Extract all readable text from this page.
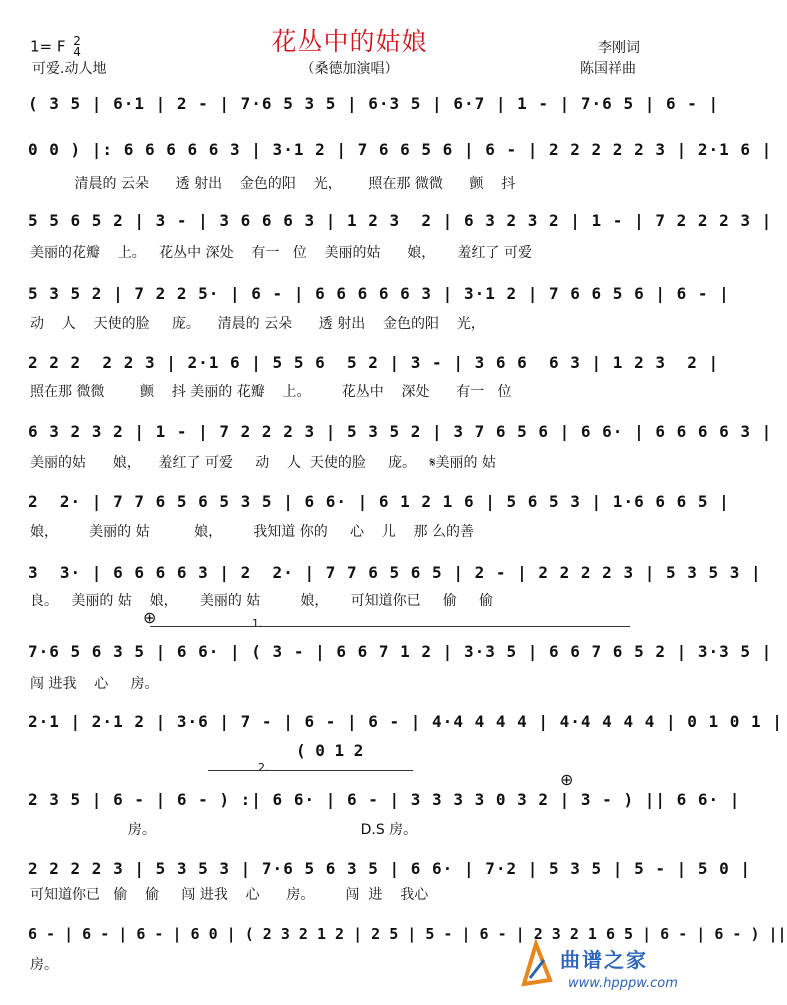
1= F 2
4	花丛中的姑娘
（桑德加演唱）
可爱.动人地
李刚词
陈国祥曲
( 3 5 | 6·1 | 2 - | 7·6 5 3 5 | 6·3 5 | 6·7 | 1 - | 7·6 5 | 6 - |
0 0 ) |: 6 6 6 6 6 3 | 3·1 2 | 7 6 6 5 6 | 6 - | 2 2 2 2 2 3 | 2·1 6 |
清晨的 云朵      透 射出    金色的阳    光，      照在那 微微      颤    抖
5 5 6 5 2 | 3 - | 3 6 6 6 3 | 1 2 3  2 | 6 3 2 3 2 | 1 - | 7 2 2 2 3 |
美丽的花瓣    上。   花丛中 深处    有一   位    美丽的姑      娘，     羞红了 可爱
5 3 5 2 | 7 2 2 5· | 6 - | 6 6 6 6 6 3 | 3·1 2 | 7 6 6 5 6 | 6 - |
动    人    天使的脸     庞。    清晨的 云朵      透 射出    金色的阳    光，
2 2 2  2 2 3 | 2·1 6 | 5 5 6  5 2 | 3 - | 3 6 6  6 3 | 1 2 3  2 |
照在那 微微        颤    抖 美丽的 花瓣    上。       花丛中    深处      有一   位
6 3 2 3 2 | 1 - | 7 2 2 2 3 | 5 3 5 2 | 3 7 6 5 6 | 6 6· | 6 6 6 6 3 |
美丽的姑      娘，    羞红了 可爱     动    人  天使的脸     庞。   𝄋美丽的 姑
2  2· | 7 7 6 5 6 5 3 5 | 6 6· | 6 1 2 1 6 | 5 6 5 3 | 1·6 6 6 5 |
娘，       美丽的 姑          娘，       我知道 你的     心    儿    那 么的善
3  3· | 6 6 6 6 3 | 2  2· | 7 7 6 5 6 5 | 2 - | 2 2 2 2 3 | 5 3 5 3 |
良。   美丽的 姑    娘，     美丽的 姑         娘，     可知道你已     偷     偷
⊕	1.
7·6 5 6 3 5 | 6 6· | ( 3 - | 6 6 7 1 2 | 3·3 5 | 6 6 7 6 5 2 | 3·3 5 |
闯 进我    心     房。
2·1 | 2·1 2 | 3·6 | 7 - | 6 - | 6 - | 4·4 4 4 4 | 4·4 4 4 4 | 0 1 0 1 |
( 0 1 2
2.
⊕
2 3 5 | 6 - | 6 - ) :| 6 6· | 6 - | 3 3 3 3 0 3 2 | 3 - ) || 6 6· |
房。                                              D.S 房。
2 2 2 2 3 | 5 3 5 3 | 7·6 5 6 3 5 | 6 6· | 7·2 | 5 3 5 | 5 - | 5 0 |
可知道你已   偷    偷     闯 进我    心      房。       闯  进    我心
6 - | 6 - | 6 - | 6 0 | ( 2 3 2 1 2 | 2 5 | 5 - | 6 - | 2 3 2 1 6 5 | 6 - | 6 - ) ||
房。	曲谱之家
www.hpppw.com
